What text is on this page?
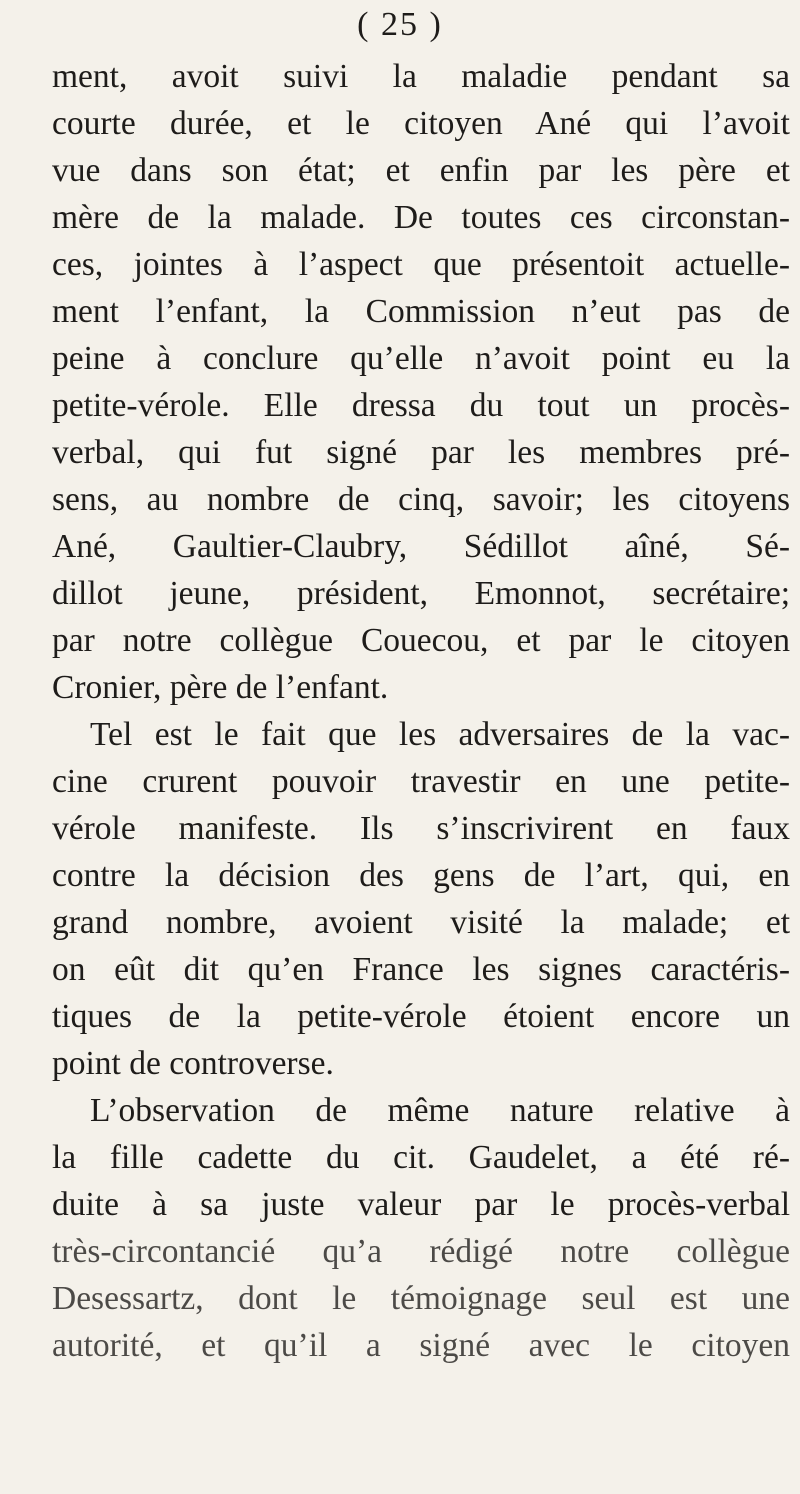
( 25 )
ment, avoit suivi la maladie pendant sa
courte durée, et le citoyen Ané qui l’avoit
vue dans son état; et enfin par les père et
mère de la malade. De toutes ces circonstan-
ces, jointes à l’aspect que présentoit actuelle-
ment l’enfant, la Commission n’eut pas de
peine à conclure qu’elle n’avoit point eu la
petite-vérole. Elle dressa du tout un procès-
verbal, qui fut signé par les membres pré-
sens, au nombre de cinq, savoir; les citoyens
Ané, Gaultier-Claubry, Sédillot aîné, Sé-
dillot jeune, président, Emonnot, secrétaire;
par notre collègue Couecou, et par le citoyen
Cronier, père de l’enfant.
Tel est le fait que les adversaires de la vac-
cine crurent pouvoir travestir en une petite-
vérole manifeste. Ils s’inscrivirent en faux
contre la décision des gens de l’art, qui, en
grand nombre, avoient visité la malade; et
on eût dit qu’en France les signes caractéris-
tiques de la petite-vérole étoient encore un
point de controverse.
L’observation de même nature relative à
la fille cadette du cit. Gaudelet, a été ré-
duite à sa juste valeur par le procès-verbal
très-circontancié qu’a rédigé notre collègue
Desessartz, dont le témoignage seul est une
autorité, et qu’il a signé avec le citoyen
